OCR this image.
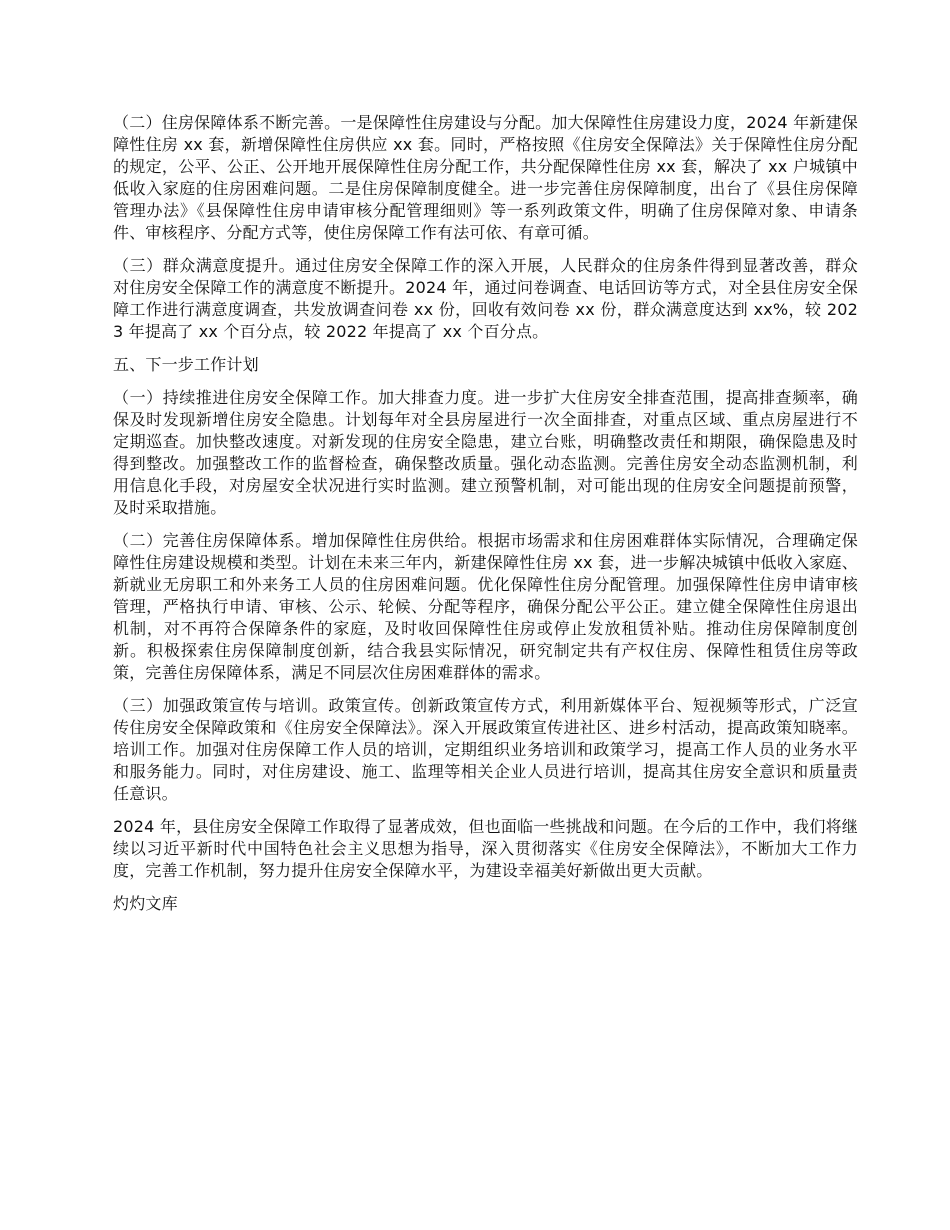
（二）住房保障体系不断完善。一是保障性住房建设与分配。加大保障性住房建设力度，2024 年新建保障性住房 xx 套，新增保障性住房供应 xx 套。同时，严格按照《住房安全保障法》关于保障性住房分配的规定，公平、公正、公开地开展保障性住房分配工作，共分配保障性住房 xx 套，解决了 xx 户城镇中低收入家庭的住房困难问题。二是住房保障制度健全。进一步完善住房保障制度，出台了《县住房保障管理办法》《县保障性住房申请审核分配管理细则》等一系列政策文件，明确了住房保障对象、申请条件、审核程序、分配方式等，使住房保障工作有法可依、有章可循。

（三）群众满意度提升。通过住房安全保障工作的深入开展，人民群众的住房条件得到显著改善，群众对住房安全保障工作的满意度不断提升。2024 年，通过问卷调查、电话回访等方式，对全县住房安全保障工作进行满意度调查，共发放调查问卷 xx 份，回收有效问卷 xx 份，群众满意度达到 xx%，较 2023 年提高了 xx 个百分点，较 2022 年提高了 xx 个百分点。

五、下一步工作计划

（一）持续推进住房安全保障工作。加大排查力度。进一步扩大住房安全排查范围，提高排查频率，确保及时发现新增住房安全隐患。计划每年对全县房屋进行一次全面排查，对重点区域、重点房屋进行不定期巡查。加快整改速度。对新发现的住房安全隐患，建立台账，明确整改责任和期限，确保隐患及时得到整改。加强整改工作的监督检查，确保整改质量。强化动态监测。完善住房安全动态监测机制，利用信息化手段，对房屋安全状况进行实时监测。建立预警机制，对可能出现的住房安全问题提前预警，及时采取措施。

（二）完善住房保障体系。增加保障性住房供给。根据市场需求和住房困难群体实际情况，合理确定保障性住房建设规模和类型。计划在未来三年内，新建保障性住房 xx 套，进一步解决城镇中低收入家庭、新就业无房职工和外来务工人员的住房困难问题。优化保障性住房分配管理。加强保障性住房申请审核管理，严格执行申请、审核、公示、轮候、分配等程序，确保分配公平公正。建立健全保障性住房退出机制，对不再符合保障条件的家庭，及时收回保障性住房或停止发放租赁补贴。推动住房保障制度创新。积极探索住房保障制度创新，结合我县实际情况，研究制定共有产权住房、保障性租赁住房等政策，完善住房保障体系，满足不同层次住房困难群体的需求。

（三）加强政策宣传与培训。政策宣传。创新政策宣传方式，利用新媒体平台、短视频等形式，广泛宣传住房安全保障政策和《住房安全保障法》。深入开展政策宣传进社区、进乡村活动，提高政策知晓率。培训工作。加强对住房保障工作人员的培训，定期组织业务培训和政策学习，提高工作人员的业务水平和服务能力。同时，对住房建设、施工、监理等相关企业人员进行培训，提高其住房安全意识和质量责任意识。

2024 年，县住房安全保障工作取得了显著成效，但也面临一些挑战和问题。在今后的工作中，我们将继续以习近平新时代中国特色社会主义思想为指导，深入贯彻落实《住房安全保障法》，不断加大工作力度，完善工作机制，努力提升住房安全保障水平，为建设幸福美好新做出更大贡献。

灼灼文库
